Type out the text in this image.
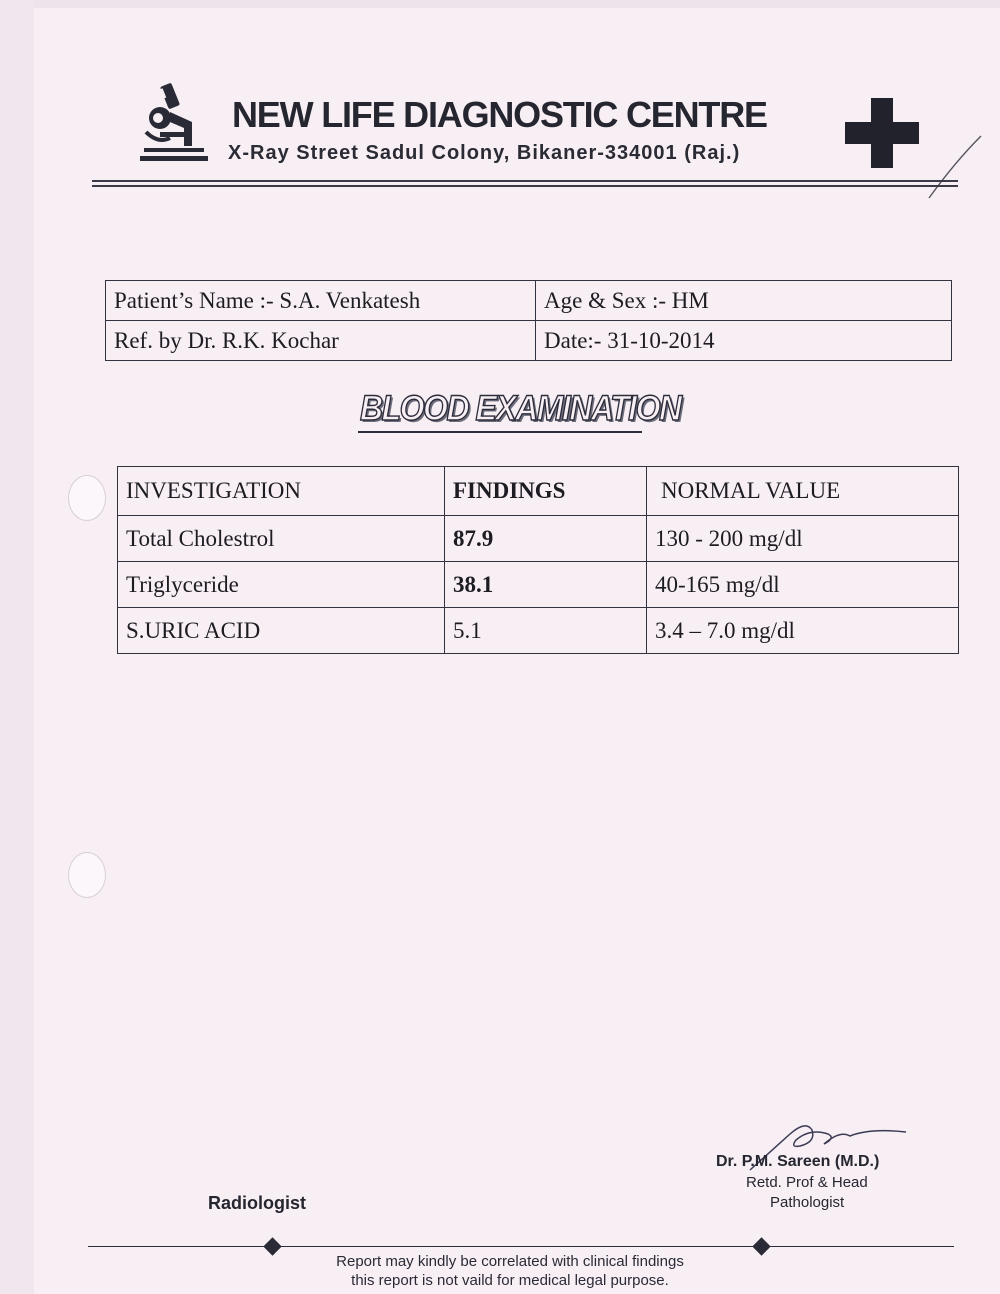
NEW LIFE DIAGNOSTIC CENTRE

X-Ray Street Sadul Colony, Bikaner-334001 (Raj.)

Patient’s Name :- S.A. Venkatesh	Age & Sex :- HM
Ref. by Dr. R.K. Kochar	Date:- 31-10-2014
BLOOD EXAMINATION
INVESTIGATION	FINDINGS	NORMAL VALUE
Total Cholestrol	87.9	130 - 200 mg/dl
Triglyceride	38.1	40-165 mg/dl
S.URIC ACID	5.1	3.4 – 7.0 mg/dl

Dr. P.M. Sareen (M.D.)

Retd. Prof & Head

Pathologist

Radiologist

Report may kindly be correlated with clinical findings

this report is not vaild for medical legal purpose.
